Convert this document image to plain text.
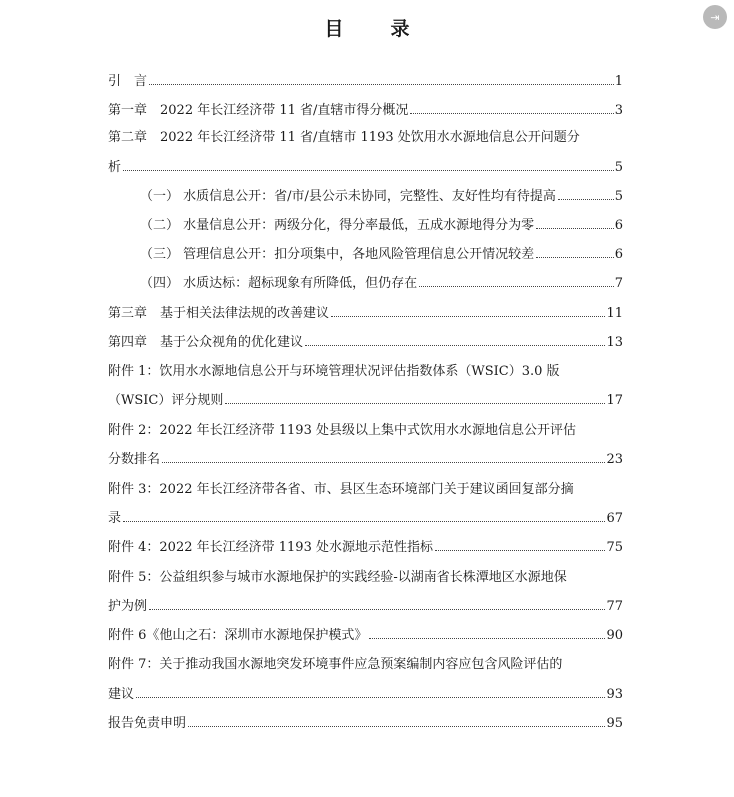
⇥
目　录
引　言	1
第一章　2022 年长江经济带 11 省/直辖市得分概况	3
第二章　2022 年长江经济带 11 省/直辖市 1193 处饮用水水源地信息公开问题分
析	5
（一） 水质信息公开：省/市/县公示未协同，完整性、友好性均有待提高	5
（二） 水量信息公开：两级分化，得分率最低，五成水源地得分为零	6
（三） 管理信息公开：扣分项集中，各地风险管理信息公开情况较差	6
（四） 水质达标：超标现象有所降低，但仍存在	7
第三章　基于相关法律法规的改善建议	11
第四章　基于公众视角的优化建议	13
附件 1：饮用水水源地信息公开与环境管理状况评估指数体系（WSIC）3.0 版
（WSIC）评分规则	17
附件 2：2022 年长江经济带 1193 处县级以上集中式饮用水水源地信息公开评估
分数排名	23
附件 3：2022 年长江经济带各省、市、县区生态环境部门关于建议函回复部分摘
录	67
附件 4：2022 年长江经济带 1193 处水源地示范性指标	75
附件 5：公益组织参与城市水源地保护的实践经验-以湖南省长株潭地区水源地保
护为例	77
附件 6《他山之石：深圳市水源地保护模式》	90
附件 7：关于推动我国水源地突发环境事件应急预案编制内容应包含风险评估的
建议	93
报告免责申明	95
